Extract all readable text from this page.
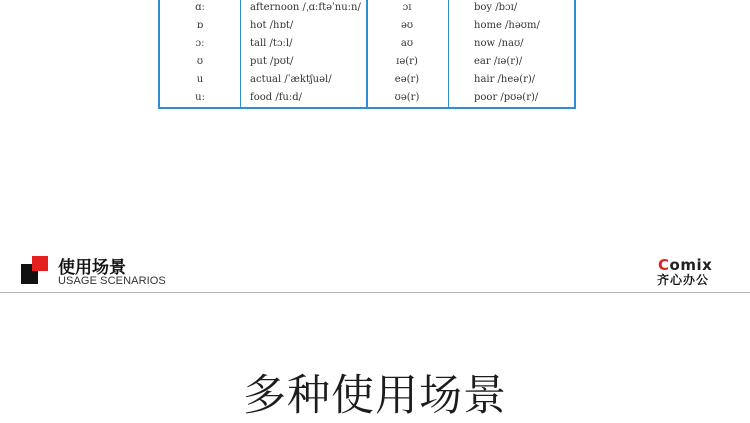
ɑː	afternoon /ˌɑːftəˈnuːn/	ɔɪ	boy /bɔɪ/
ɒ	hot /hɒt/	əʊ	home /həʊm/
ɔː	tall /tɔːl/	aʊ	now /naʊ/
ʊ	put /pʊt/	ɪə(r)	ear /ɪə(r)/
u	actual /ˈæktʃuəl/	eə(r)	hair /heə(r)/
uː	food /fuːd/	ʊə(r)	poor /pʊə(r)/
使用场景
USAGE SCENARIOS
Comix
齐心办公
多种使用场景
